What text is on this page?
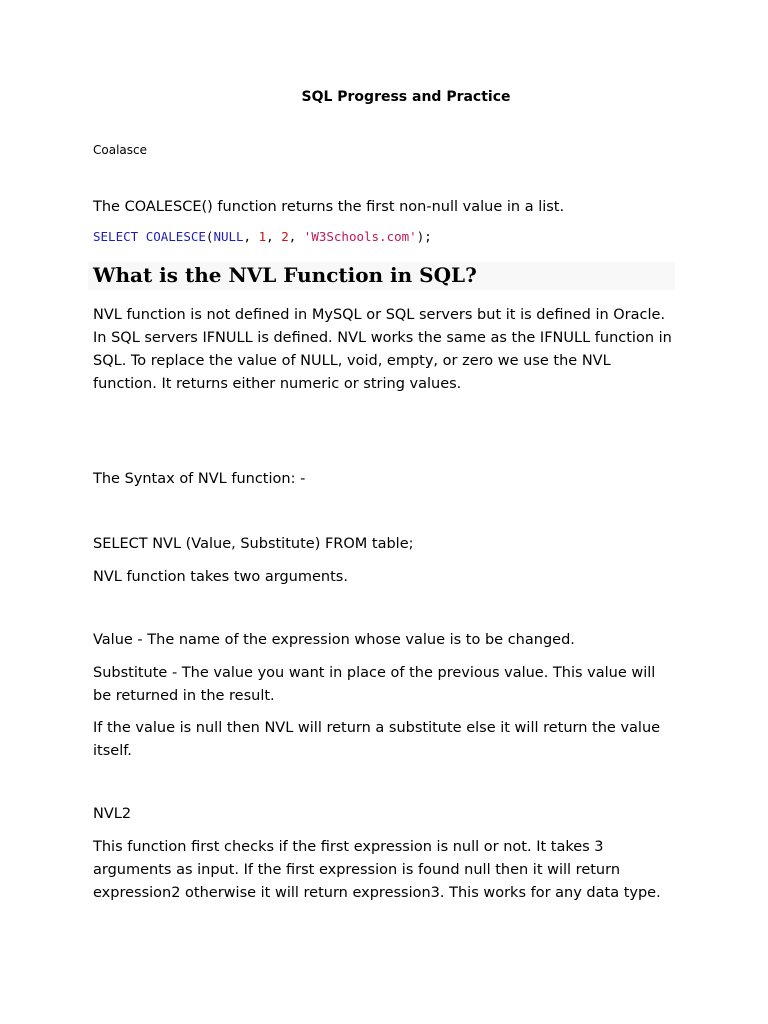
SQL Progress and Practice
Coalasce
The COALESCE() function returns the first non-null value in a list.
SELECT COALESCE(NULL, 1, 2, 'W3Schools.com');
What is the NVL Function in SQL?
NVL function is not defined in MySQL or SQL servers but it is defined in Oracle. In SQL servers IFNULL is defined. NVL works the same as the IFNULL function in SQL. To replace the value of NULL, void, empty, or zero we use the NVL function. It returns either numeric or string values.
The Syntax of NVL function: -
SELECT NVL (Value, Substitute) FROM table;
NVL function takes two arguments.
Value - The name of the expression whose value is to be changed.
Substitute - The value you want in place of the previous value. This value will be returned in the result.
If the value is null then NVL will return a substitute else it will return the value itself.
NVL2
This function first checks if the first expression is null or not. It takes 3 arguments as input. If the first expression is found null then it will return expression2 otherwise it will return expression3. This works for any data type.
